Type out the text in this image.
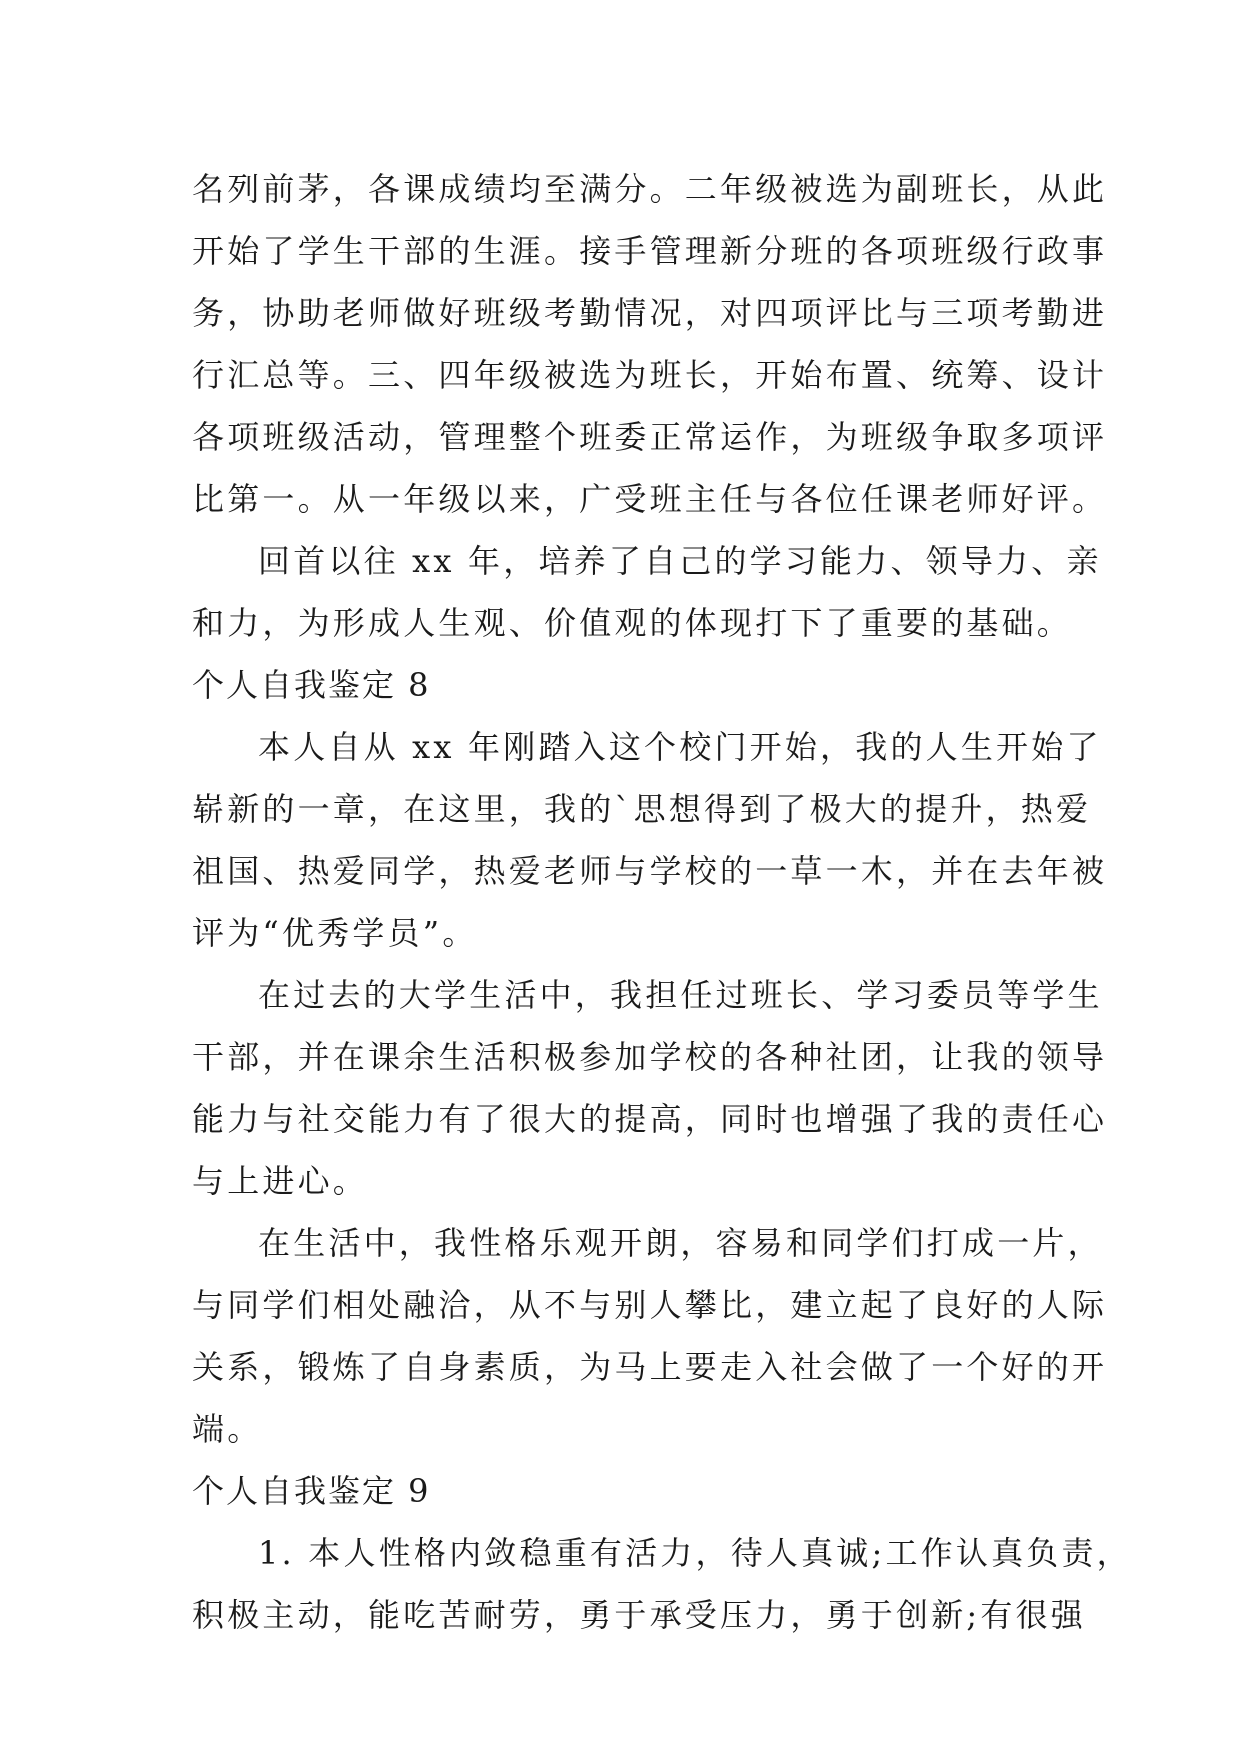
名列前茅，各课成绩均至满分。二年级被选为副班长，从此
开始了学生干部的生涯。接手管理新分班的各项班级行政事
务，协助老师做好班级考勤情况，对四项评比与三项考勤进
行汇总等。三、四年级被选为班长，开始布置、统筹、设计
各项班级活动，管理整个班委正常运作，为班级争取多项评
比第一。从一年级以来，广受班主任与各位任课老师好评。
回首以往 xx 年，培养了自己的学习能力、领导力、亲
和力，为形成人生观、价值观的体现打下了重要的基础。
个人自我鉴定 8
本人自从 xx 年刚踏入这个校门开始，我的人生开始了
崭新的一章，在这里，我的`思想得到了极大的提升，热爱
祖国、热爱同学，热爱老师与学校的一草一木，并在去年被
评为“优秀学员”。
在过去的大学生活中，我担任过班长、学习委员等学生
干部，并在课余生活积极参加学校的各种社团，让我的领导
能力与社交能力有了很大的提高，同时也增强了我的责任心
与上进心。
在生活中，我性格乐观开朗，容易和同学们打成一片，
与同学们相处融洽，从不与别人攀比，建立起了良好的人际
关系，锻炼了自身素质，为马上要走入社会做了一个好的开
端。
个人自我鉴定 9
1. 本人性格内敛稳重有活力，待人真诚;工作认真负责，
积极主动，能吃苦耐劳，勇于承受压力，勇于创新;有很强
